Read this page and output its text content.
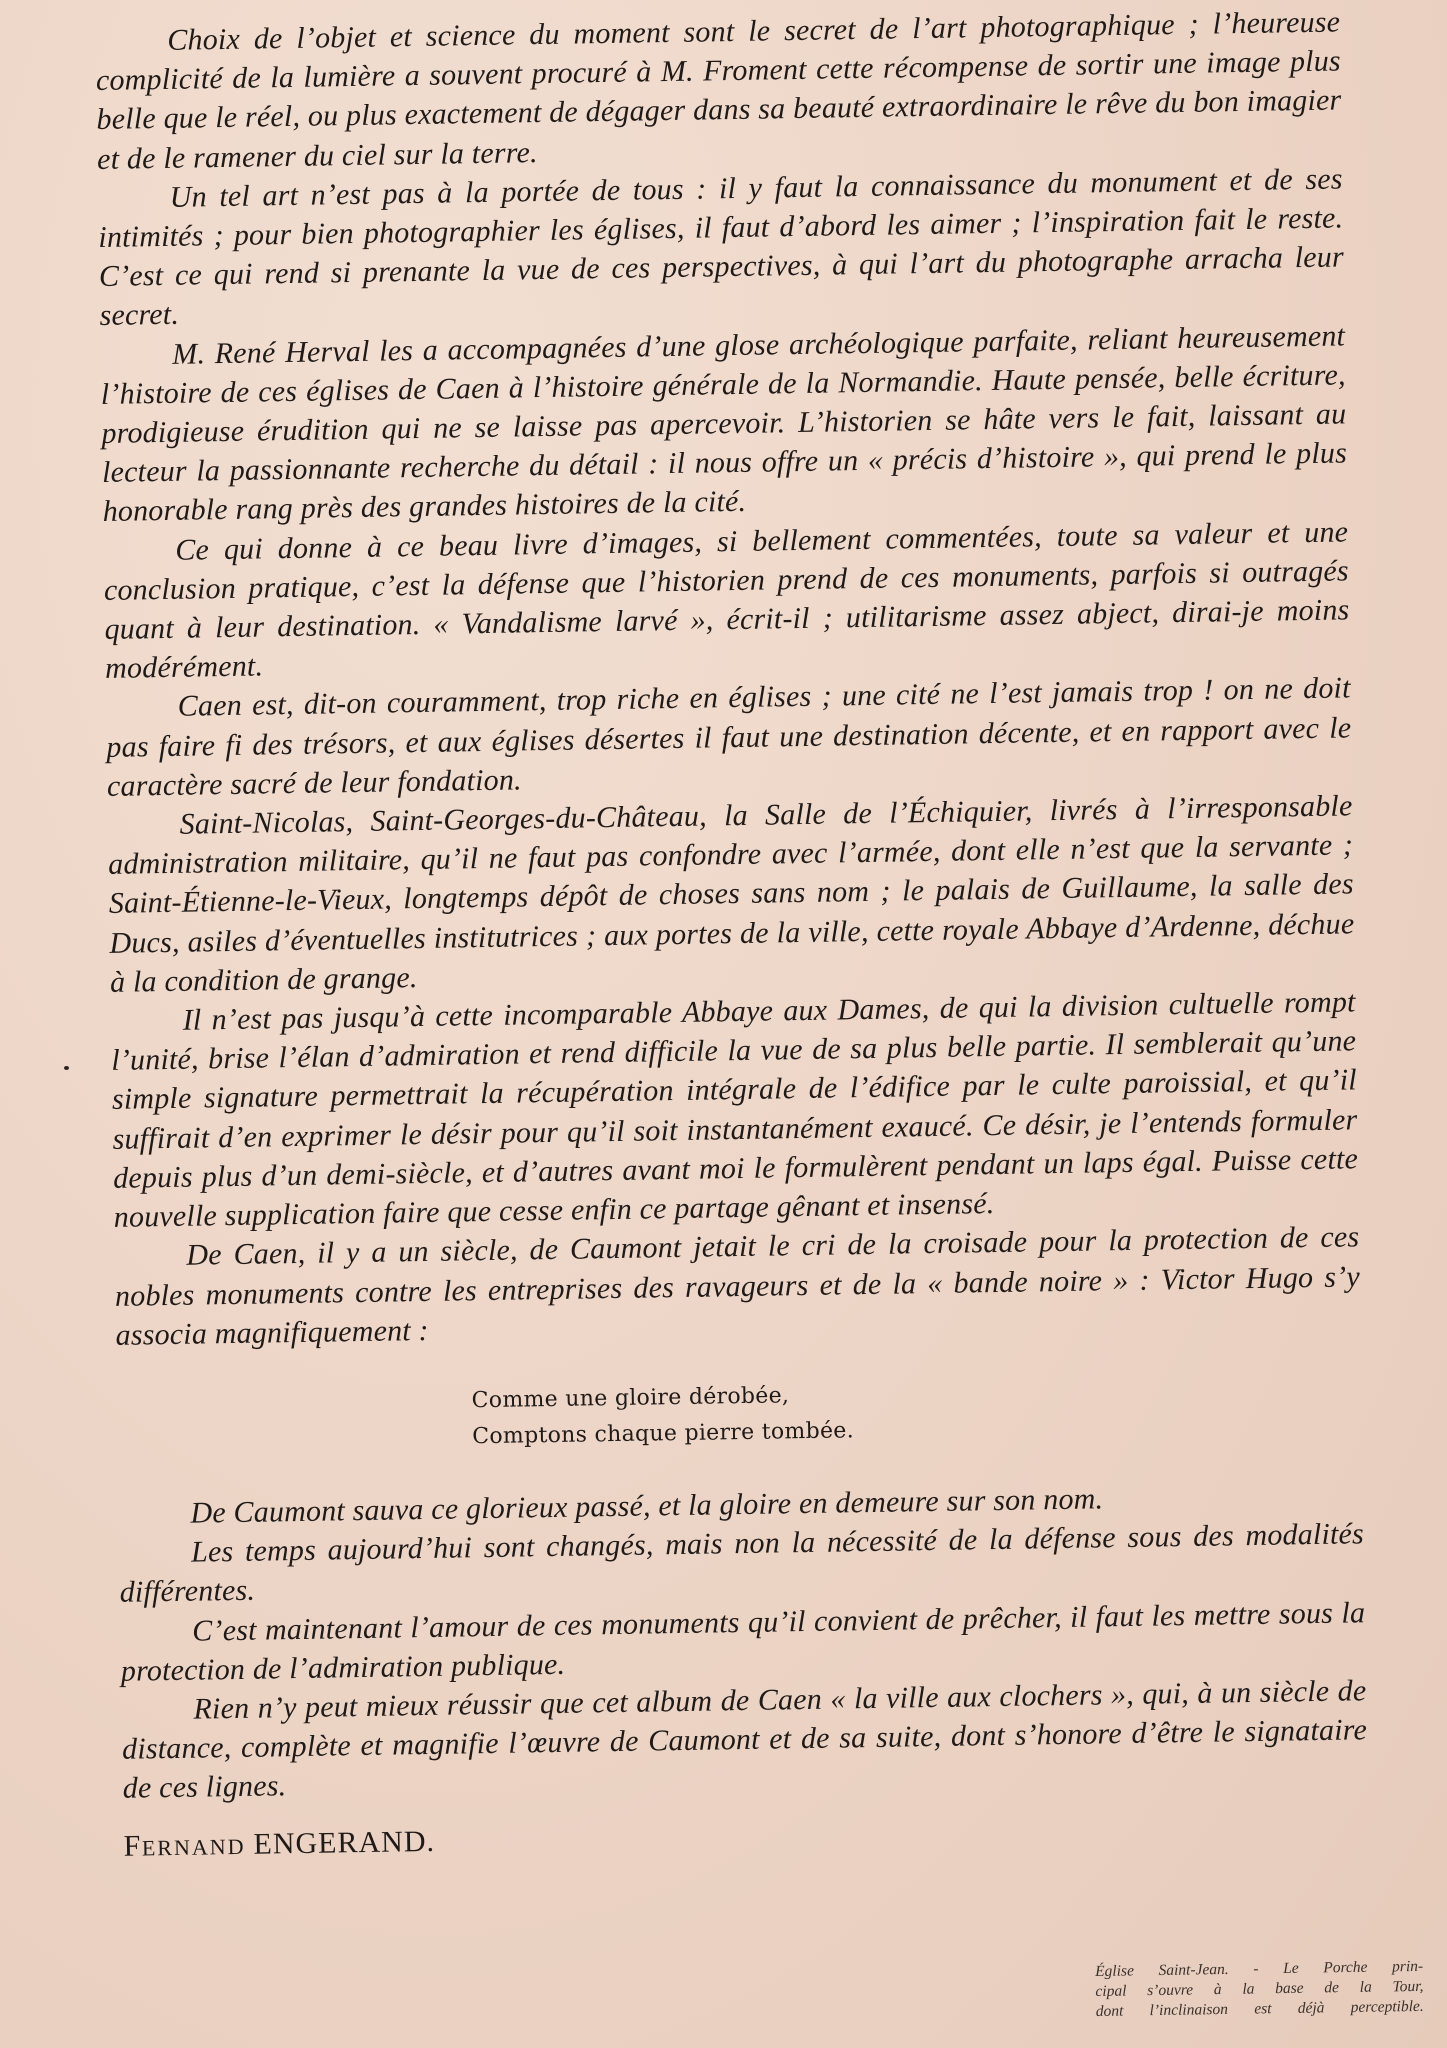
Choix de l’objet et science du moment sont le secret de l’art photographique ; l’heureuse complicité de la lumière a souvent procuré à M. Froment cette récompense de sortir une image plus belle que le réel, ou plus exactement de dégager dans sa beauté extraordinaire le rêve du bon imagier et de le ramener du ciel sur la terre.

Un tel art n’est pas à la portée de tous : il y faut la connaissance du monument et de ses intimités ; pour bien photographier les églises, il faut d’abord les aimer ; l’inspiration fait le reste. C’est ce qui rend si prenante la vue de ces perspectives, à qui l’art du photographe arracha leur secret.

M. René Herval les a accompagnées d’une glose archéologique parfaite, reliant heureusement l’histoire de ces églises de Caen à l’histoire générale de la Normandie. Haute pensée, belle écriture, prodigieuse érudition qui ne se laisse pas apercevoir. L’historien se hâte vers le fait, laissant au lecteur la passionnante recherche du détail : il nous offre un « précis d’histoire », qui prend le plus honorable rang près des grandes histoires de la cité.

Ce qui donne à ce beau livre d’images, si bellement commentées, toute sa valeur et une conclusion pratique, c’est la défense que l’historien prend de ces monuments, parfois si outragés quant à leur destination. « Vandalisme larvé », écrit-il ; utilitarisme assez abject, dirai-je moins modérément.

Caen est, dit-on couramment, trop riche en églises ; une cité ne l’est jamais trop ! on ne doit pas faire fi des trésors, et aux églises désertes il faut une destination décente, et en rapport avec le caractère sacré de leur fondation.

Saint-Nicolas, Saint-Georges-du-Château, la Salle de l’Échiquier, livrés à l’irresponsable administration militaire, qu’il ne faut pas confondre avec l’armée, dont elle n’est que la servante ; Saint-Étienne-le-Vieux, longtemps dépôt de choses sans nom ; le palais de Guillaume, la salle des Ducs, asiles d’éventuelles institutrices ; aux portes de la ville, cette royale Abbaye d’Ardenne, déchue à la condition de grange.

Il n’est pas jusqu’à cette incomparable Abbaye aux Dames, de qui la division cultuelle rompt l’unité, brise l’élan d’admiration et rend difficile la vue de sa plus belle partie. Il semblerait qu’une simple signature permettrait la récupération intégrale de l’édifice par le culte paroissial, et qu’il suffirait d’en exprimer le désir pour qu’il soit instantanément exaucé. Ce désir, je l’entends formuler depuis plus d’un demi-siècle, et d’autres avant moi le formulèrent pendant un laps égal. Puisse cette nouvelle supplication faire que cesse enfin ce partage gênant et insensé.

De Caen, il y a un siècle, de Caumont jetait le cri de la croisade pour la protection de ces nobles monuments contre les entreprises des ravageurs et de la « bande noire » : Victor Hugo s’y associa magnifiquement :

Comme une gloire dérobée,
Comptons chaque pierre tombée.

De Caumont sauva ce glorieux passé, et la gloire en demeure sur son nom.

Les temps aujourd’hui sont changés, mais non la nécessité de la défense sous des modalités différentes.

C’est maintenant l’amour de ces monuments qu’il convient de prêcher, il faut les mettre sous la protection de l’admiration publique.

Rien n’y peut mieux réussir que cet album de Caen « la ville aux clochers », qui, à un siècle de distance, complète et magnifie l’œuvre de Caumont et de sa suite, dont s’honore d’être le signataire de ces lignes.

FERNAND ENGERAND.
Église Saint-Jean. - Le Porche prin-
cipal s’ouvre à la base de la Tour,
dont l’inclinaison est déjà perceptible.
